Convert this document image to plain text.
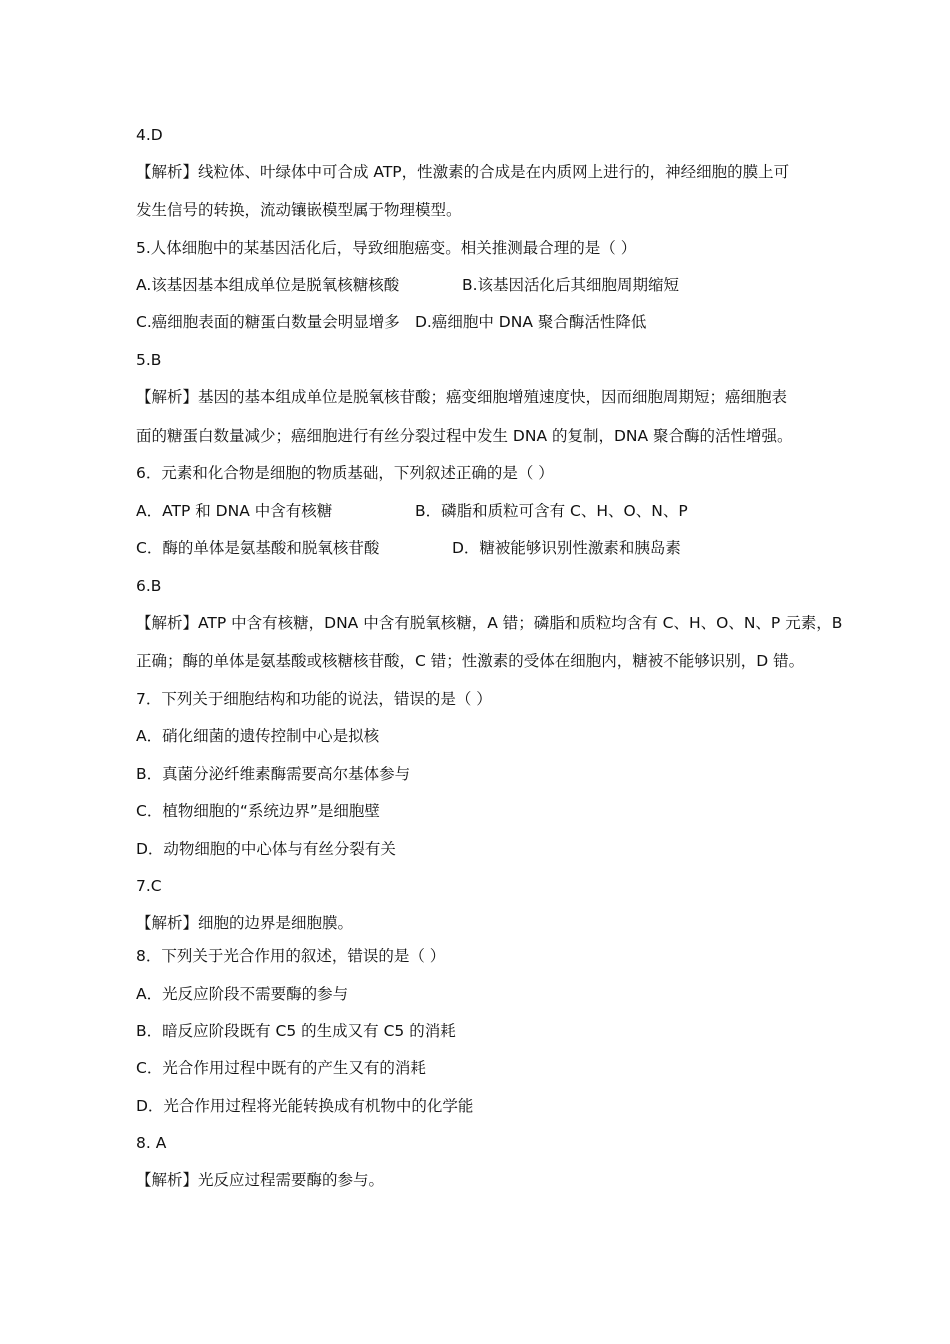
4.D
【解析】线粒体、叶绿体中可合成 ATP，性激素的合成是在内质网上进行的，神经细胞的膜上可
发生信号的转换，流动镶嵌模型属于物理模型。
5.人体细胞中的某基因活化后，导致细胞癌变。相关推测最合理的是（ ）
A.该基因基本组成单位是脱氧核糖核酸	B.该基因活化后其细胞周期缩短
C.癌细胞表面的糖蛋白数量会明显增多 D.癌细胞中 DNA 聚合酶活性降低
5.B
【解析】基因的基本组成单位是脱氧核苷酸；癌变细胞增殖速度快，因而细胞周期短；癌细胞表
面的糖蛋白数量减少；癌细胞进行有丝分裂过程中发生 DNA 的复制，DNA 聚合酶的活性增强。
6．元素和化合物是细胞的物质基础，下列叙述正确的是（ ）
A．ATP 和 DNA 中含有核糖	B．磷脂和质粒可含有 C、H、O、N、P
C．酶的单体是氨基酸和脱氧核苷酸	D．糖被能够识别性激素和胰岛素
6.B
【解析】ATP 中含有核糖，DNA 中含有脱氧核糖，A 错；磷脂和质粒均含有 C、H、O、N、P 元素，B
正确；酶的单体是氨基酸或核糖核苷酸，C 错；性激素的受体在细胞内，糖被不能够识别，D 错。
7．下列关于细胞结构和功能的说法，错误的是（ ）
A．硝化细菌的遗传控制中心是拟核
B．真菌分泌纤维素酶需要高尔基体参与
C．植物细胞的“系统边界”是细胞壁
D．动物细胞的中心体与有丝分裂有关
7.C
【解析】细胞的边界是细胞膜。
8．下列关于光合作用的叙述，错误的是（ ）
A．光反应阶段不需要酶的参与
B．暗反应阶段既有 C5 的生成又有 C5 的消耗
C．光合作用过程中既有的产生又有的消耗
D．光合作用过程将光能转换成有机物中的化学能
8. A
【解析】光反应过程需要酶的参与。
